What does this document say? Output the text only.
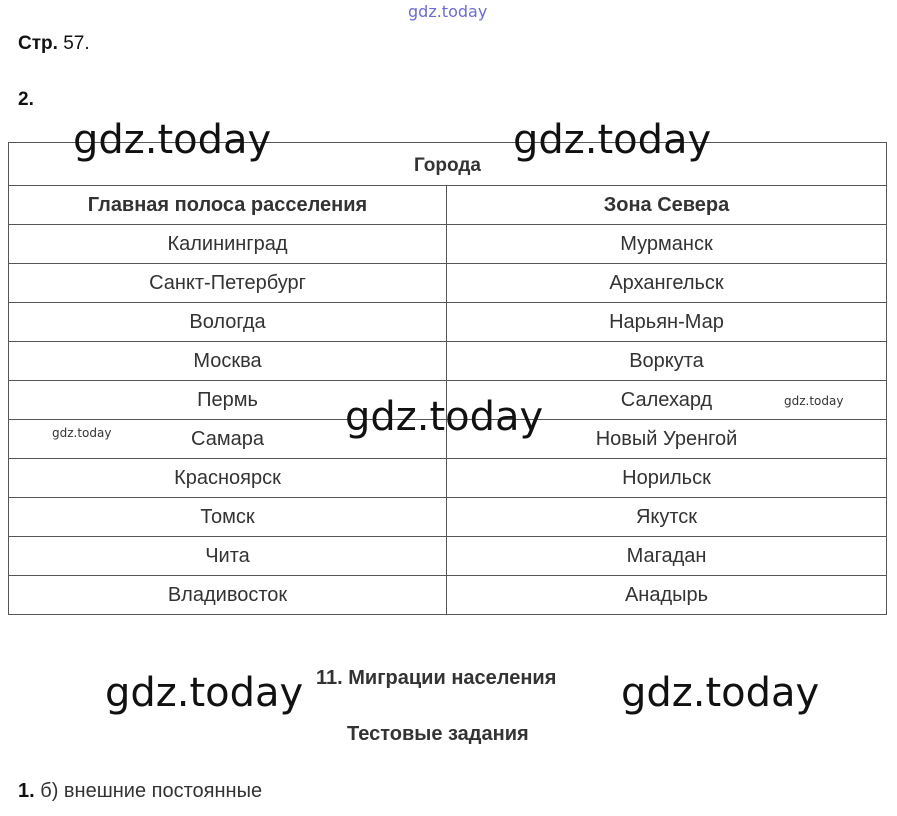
gdz.today
Стр. 57.
2.
Города	
Главная полоса расселения	Зона Севера
Калининград	Мурманск
Санкт-Петербург	Архангельск
Вологда	Нарьян-Мар
Москва	Воркута
Пермь	Салехард
Самара	Новый Уренгой
Красноярск	Норильск
Томск	Якутск
Чита	Магадан
Владивосток	Анадырь
11. Миграции населения
Тестовые задания
1. б) внешние постоянные
gdz.today	gdz.today
gdz.today
gdz.today
gdz.today
gdz.today	gdz.today
